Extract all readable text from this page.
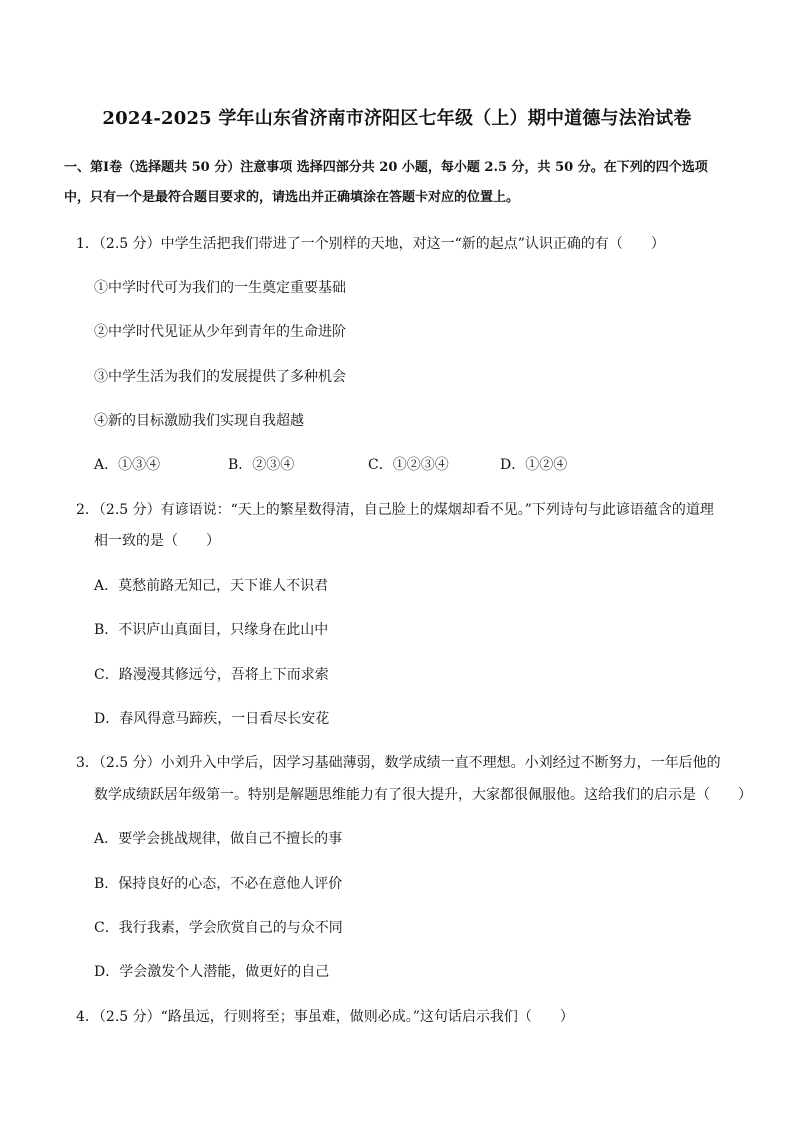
2024-2025 学年山东省济南市济阳区七年级（上）期中道德与法治试卷
一、第Ⅰ卷（选择题共 50 分）注意事项 选择四部分共 20 小题，每小题 2.5 分，共 50 分。在下列的四个选项中，只有一个是最符合题目要求的，请选出并正确填涂在答题卡对应的位置上。
1．（2.5 分）中学生活把我们带进了一个别样的天地，对这一“新的起点”认识正确的有（　　）
①中学时代可为我们的一生奠定重要基础
②中学时代见证从少年到青年的生命进阶
③中学生活为我们的发展提供了多种机会
④新的目标激励我们实现自我超越
A．①③④	B．②③④	C．①②③④	D．①②④
2．（2.5 分）有谚语说：“天上的繁星数得清，自己脸上的煤烟却看不见。”下列诗句与此谚语蕴含的道理
相一致的是（　　）
A．莫愁前路无知己，天下谁人不识君
B．不识庐山真面目，只缘身在此山中
C．路漫漫其修远兮，吾将上下而求索
D．春风得意马蹄疾，一日看尽长安花
3．（2.5 分）小刘升入中学后，因学习基础薄弱，数学成绩一直不理想。小刘经过不断努力，一年后他的
数学成绩跃居年级第一。特别是解题思维能力有了很大提升，大家都很佩服他。这给我们的启示是（　　）
A．要学会挑战规律，做自己不擅长的事
B．保持良好的心态，不必在意他人评价
C．我行我素，学会欣赏自己的与众不同
D．学会激发个人潜能，做更好的自己
4．（2.5 分）“路虽远，行则将至；事虽难，做则必成。”这句话启示我们（　　）
